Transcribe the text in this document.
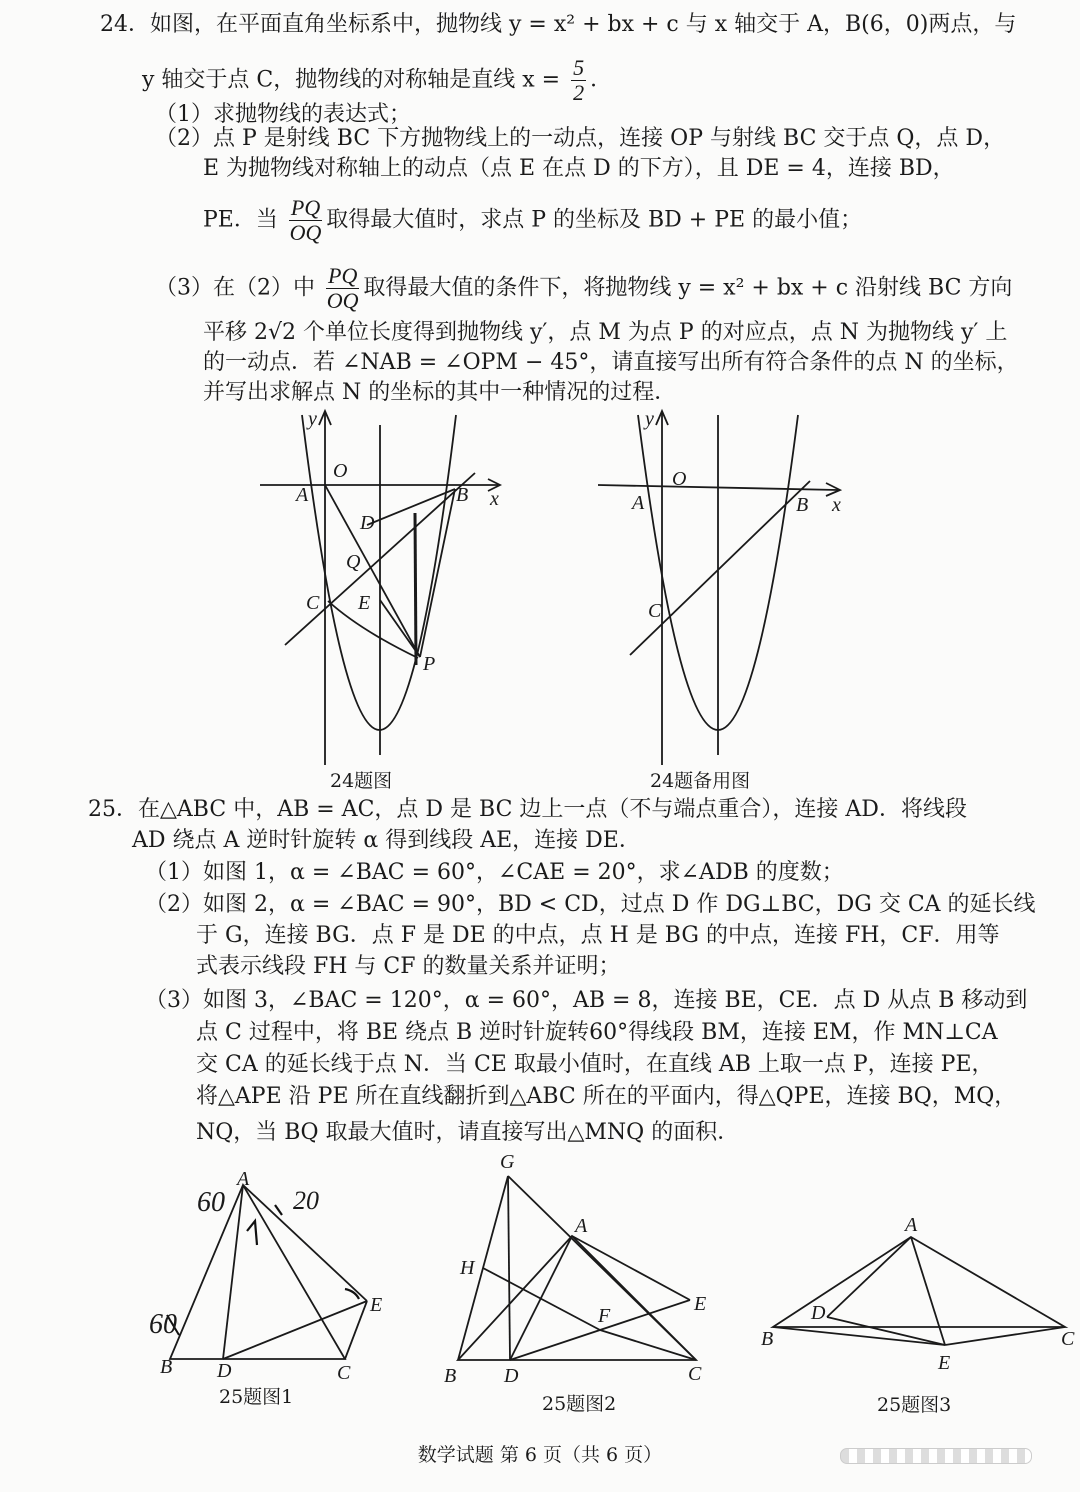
24．如图，在平面直角坐标系中，抛物线 y = x² + bx + c 与 x 轴交于 A，B(6，0)两点，与
y 轴交于点 C，抛物线的对称轴是直线 $x = \frac{5}{2}$ ．
（1）求抛物线的表达式；
（2）点 P 是射线 BC 下方抛物线上的一动点，连接 OP 与射线 BC 交于点 Q，点 D，
E 为抛物线对称轴上的动点（点 E 在点 D 的下方），且 DE = 4，连接 BD，
PE．当 $\frac{PQ}{OQ}$ 取得最大值时，求点 P 的坐标及 BD + PE 的最小值；
（3）在（2）中 $\frac{PQ}{OQ}$ 取得最大值的条件下，将抛物线 y = x² + bx + c 沿射线 BC 方向
平移 2√2 个单位长度得到抛物线 y′，点 M 为点 P 的对应点，点 N 为抛物线 y′ 上
的一动点．若 ∠NAB = ∠OPM − 45°，请直接写出所有符合条件的点 N 的坐标，
并写出求解点 N 的坐标的其中一种情况的过程．
y
x
O
A	B
D
Q
C E
P
24题图
y
x
O
A	B
C
24题备用图
25．在△ABC 中，AB = AC，点 D 是 BC 边上一点（不与端点重合），连接 AD．将线段
AD 绕点 A 逆时针旋转 α 得到线段 AE，连接 DE．
（1）如图 1，α = ∠BAC = 60°，∠CAE = 20°，求∠ADB 的度数；
（2）如图 2，α = ∠BAC = 90°，BD < CD，过点 D 作 DG⊥BC，DG 交 CA 的延长线
于 G，连接 BG．点 F 是 DE 的中点，点 H 是 BG 的中点，连接 FH，CF．用等
式表示线段 FH 与 CF 的数量关系并证明；
（3）如图 3，∠BAC = 120°，α = 60°，AB = 8，连接 BE，CE．点 D 从点 B 移动到
点 C 过程中，将 BE 绕点 B 逆时针旋转60°得线段 BM，连接 EM，作 MN⊥CA
交 CA 的延长线于点 N．当 CE 取最小值时，在直线 AB 上取一点 P，连接 PE，
将△APE 沿 PE 所在直线翻折到△ABC 所在的平面内，得△QPE，连接 BQ，MQ，
NQ，当 BQ 取最大值时，请直接写出△MNQ 的面积．
A
B D	C
E
60	20
60
25题图1
G
A
H
F
E
B D	C
25题图2
A
D
B	C
E
25题图3
数学试题 第 6 页（共 6 页）
